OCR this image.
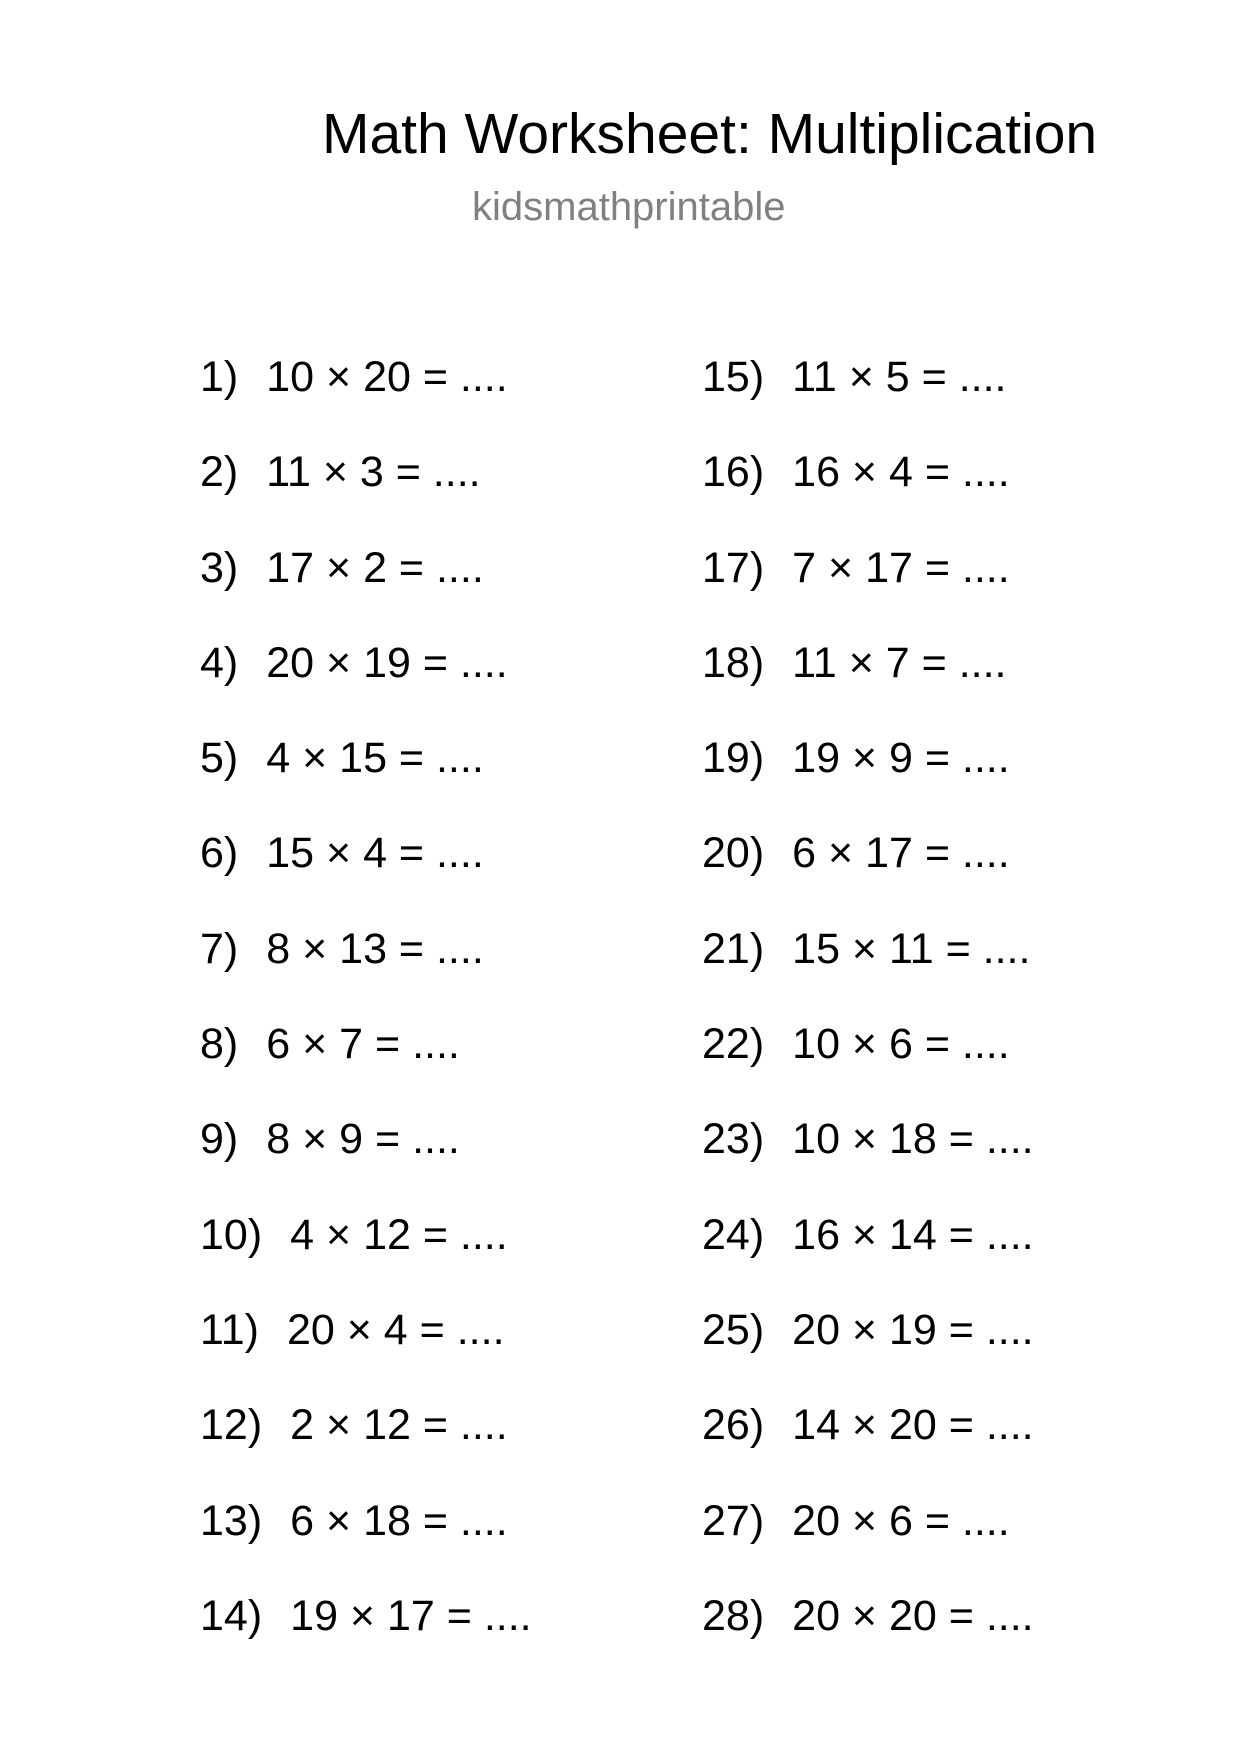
Math Worksheet: Multiplication
kidsmathprintable
1) 10 × 20 = ....
2) 11 × 3 = ....
3) 17 × 2 = ....
4) 20 × 19 = ....
5) 4 × 15 = ....
6) 15 × 4 = ....
7) 8 × 13 = ....
8) 6 × 7 = ....
9) 8 × 9 = ....
10) 4 × 12 = ....
11) 20 × 4 = ....
12) 2 × 12 = ....
13) 6 × 18 = ....
14) 19 × 17 = ....
15) 11 × 5 = ....
16) 16 × 4 = ....
17) 7 × 17 = ....
18) 11 × 7 = ....
19) 19 × 9 = ....
20) 6 × 17 = ....
21) 15 × 11 = ....
22) 10 × 6 = ....
23) 10 × 18 = ....
24) 16 × 14 = ....
25) 20 × 19 = ....
26) 14 × 20 = ....
27) 20 × 6 = ....
28) 20 × 20 = ....
